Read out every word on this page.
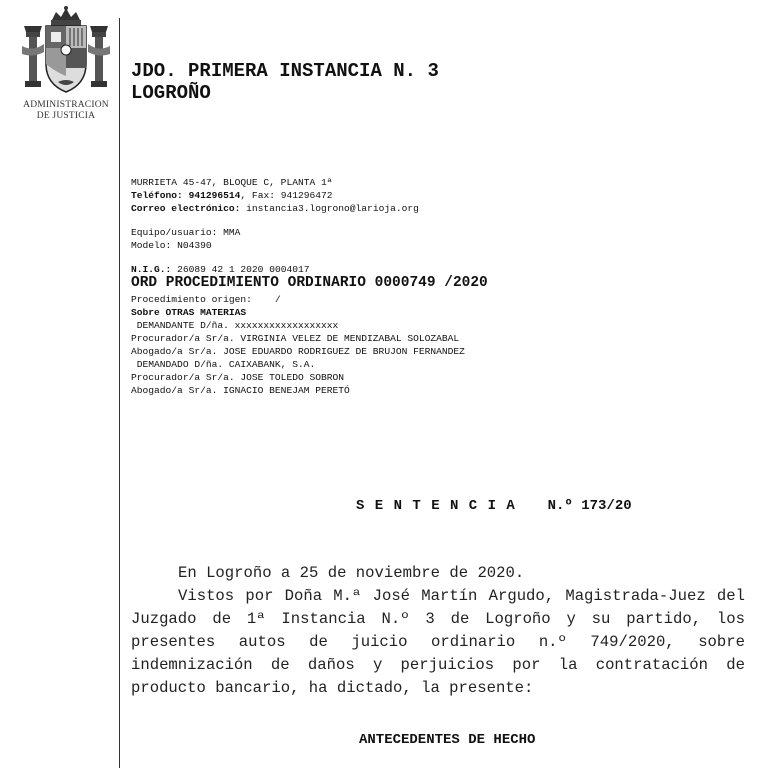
ADMINISTRACION
DE JUSTICIA
JDO. PRIMERA INSTANCIA N. 3
LOGROÑO
MURRIETA 45-47, BLOQUE C, PLANTA 1ª
Teléfono: 941296514, Fax: 941296472
Correo electrónico: instancia3.logrono@larioja.org
Equipo/usuario: MMA
Modelo: N04390
N.I.G.: 26089 42 1 2020 0004017
ORD PROCEDIMIENTO ORDINARIO 0000749 /2020
Procedimiento origen: /
Sobre OTRAS MATERIAS
DEMANDANTE D/ña. xxxxxxxxxxxxxxxxxx
Procurador/a Sr/a. VIRGINIA VELEZ DE MENDIZABAL SOLOZABAL
Abogado/a Sr/a. JOSE EDUARDO RODRIGUEZ DE BRUJON FERNANDEZ
DEMANDADO D/ña. CAIXABANK, S.A.
Procurador/a Sr/a. JOSE TOLEDO SOBRON
Abogado/a Sr/a. IGNACIO BENEJAM PERETÓ
SENTENCIA N.º 173/20
En Logroño a 25 de noviembre de 2020.
Vistos por Doña M.ª José Martín Argudo, Magistrada-Juez del Juzgado de 1ª Instancia N.º 3 de Logroño y su partido, los presentes autos de juicio ordinario n.º 749/2020, sobre indemnización de daños y perjuicios por la contratación de producto bancario, ha dictado, la presente:
ANTECEDENTES DE HECHO
